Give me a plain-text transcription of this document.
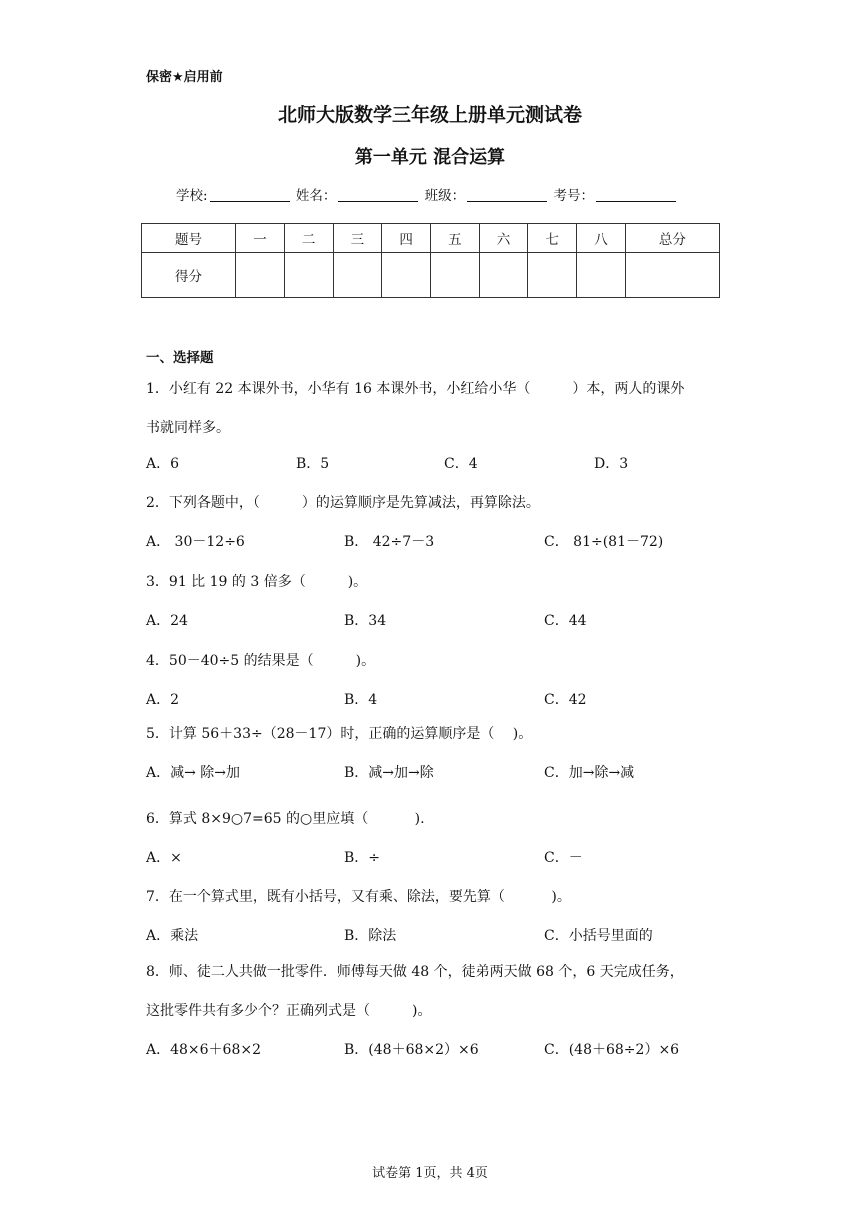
保密★启用前
北师大版数学三年级上册单元测试卷
第一单元 混合运算
学校:	姓名：	班级：	考号：
题号	一	二	三	四	五	六	七	八	总分
得分									
一、选择题
1．小红有 22 本课外书，小华有 16 本课外书，小红给小华（　　　）本，两人的课外
书就同样多。
A．6	B．5	C．4	D．3
2．下列各题中，（　　　）的运算顺序是先算减法，再算除法。
A． 30－12÷6	B． 42÷7－3	C． 81÷(81－72)
3．91 比 19 的 3 倍多（　　　)。
A．24	B．34	C．44
4．50－40÷5 的结果是（　　　)。
A．2	B．4	C．42
5．计算 56＋33÷（28－17）时，正确的运算顺序是（　 )。
A．减→ 除→加	B．减→加→除	C．加→除→减
6．算式 8×9○7=65 的○里应填（　　　 ).
A．×	B．÷	C．－
7．在一个算式里，既有小括号，又有乘、除法，要先算（　　　 )。
A．乘法	B．除法	C．小括号里面的
8．师、徒二人共做一批零件．师傅每天做 48 个，徒弟两天做 68 个，6 天完成任务，
这批零件共有多少个？正确列式是（　　　)。
A．48×6＋68×2	B．(48＋68×2）×6	C．(48＋68÷2）×6
试卷第 1页，共 4页
